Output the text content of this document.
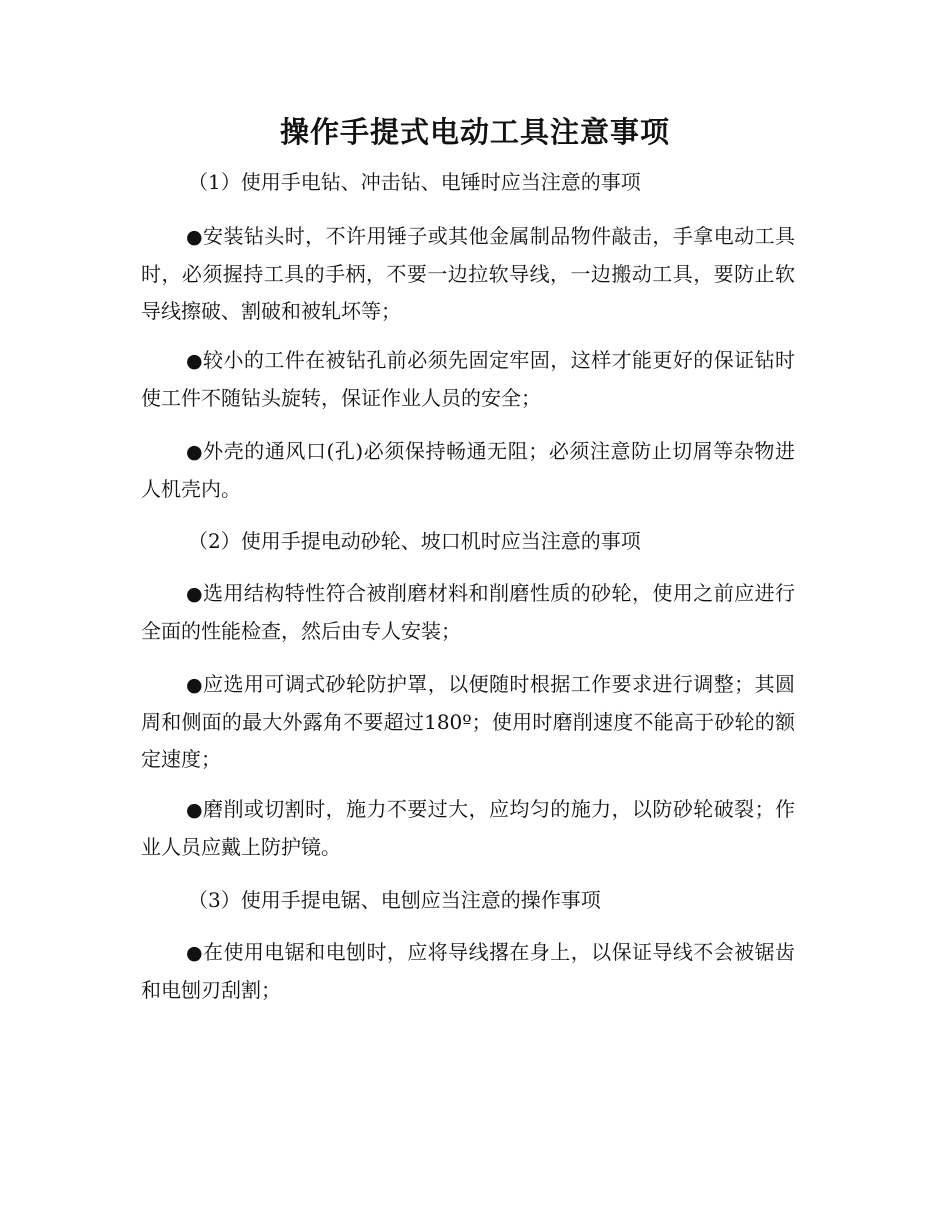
操作手提式电动工具注意事项

（1）使用手电钻、冲击钻、电锤时应当注意的事项

●安装钻头时，不许用锤子或其他金属制品物件敲击，手拿电动工具时，必须握持工具的手柄，不要一边拉软导线，一边搬动工具，要防止软导线擦破、割破和被轧坏等；

●较小的工件在被钻孔前必须先固定牢固，这样才能更好的保证钻时使工件不随钻头旋转，保证作业人员的安全；

●外壳的通风口(孔)必须保持畅通无阻；必须注意防止切屑等杂物进人机壳内。

（2）使用手提电动砂轮、坡口机时应当注意的事项

●选用结构特性符合被削磨材料和削磨性质的砂轮，使用之前应进行全面的性能检查，然后由专人安装；

●应选用可调式砂轮防护罩，以便随时根据工作要求进行调整；其圆周和侧面的最大外露角不要超过180º；使用时磨削速度不能高于砂轮的额定速度；

●磨削或切割时，施力不要过大，应均匀的施力，以防砂轮破裂；作业人员应戴上防护镜。

（3）使用手提电锯、电刨应当注意的操作事项

●在使用电锯和电刨时，应将导线撂在身上，以保证导线不会被锯齿和电刨刃刮割；
